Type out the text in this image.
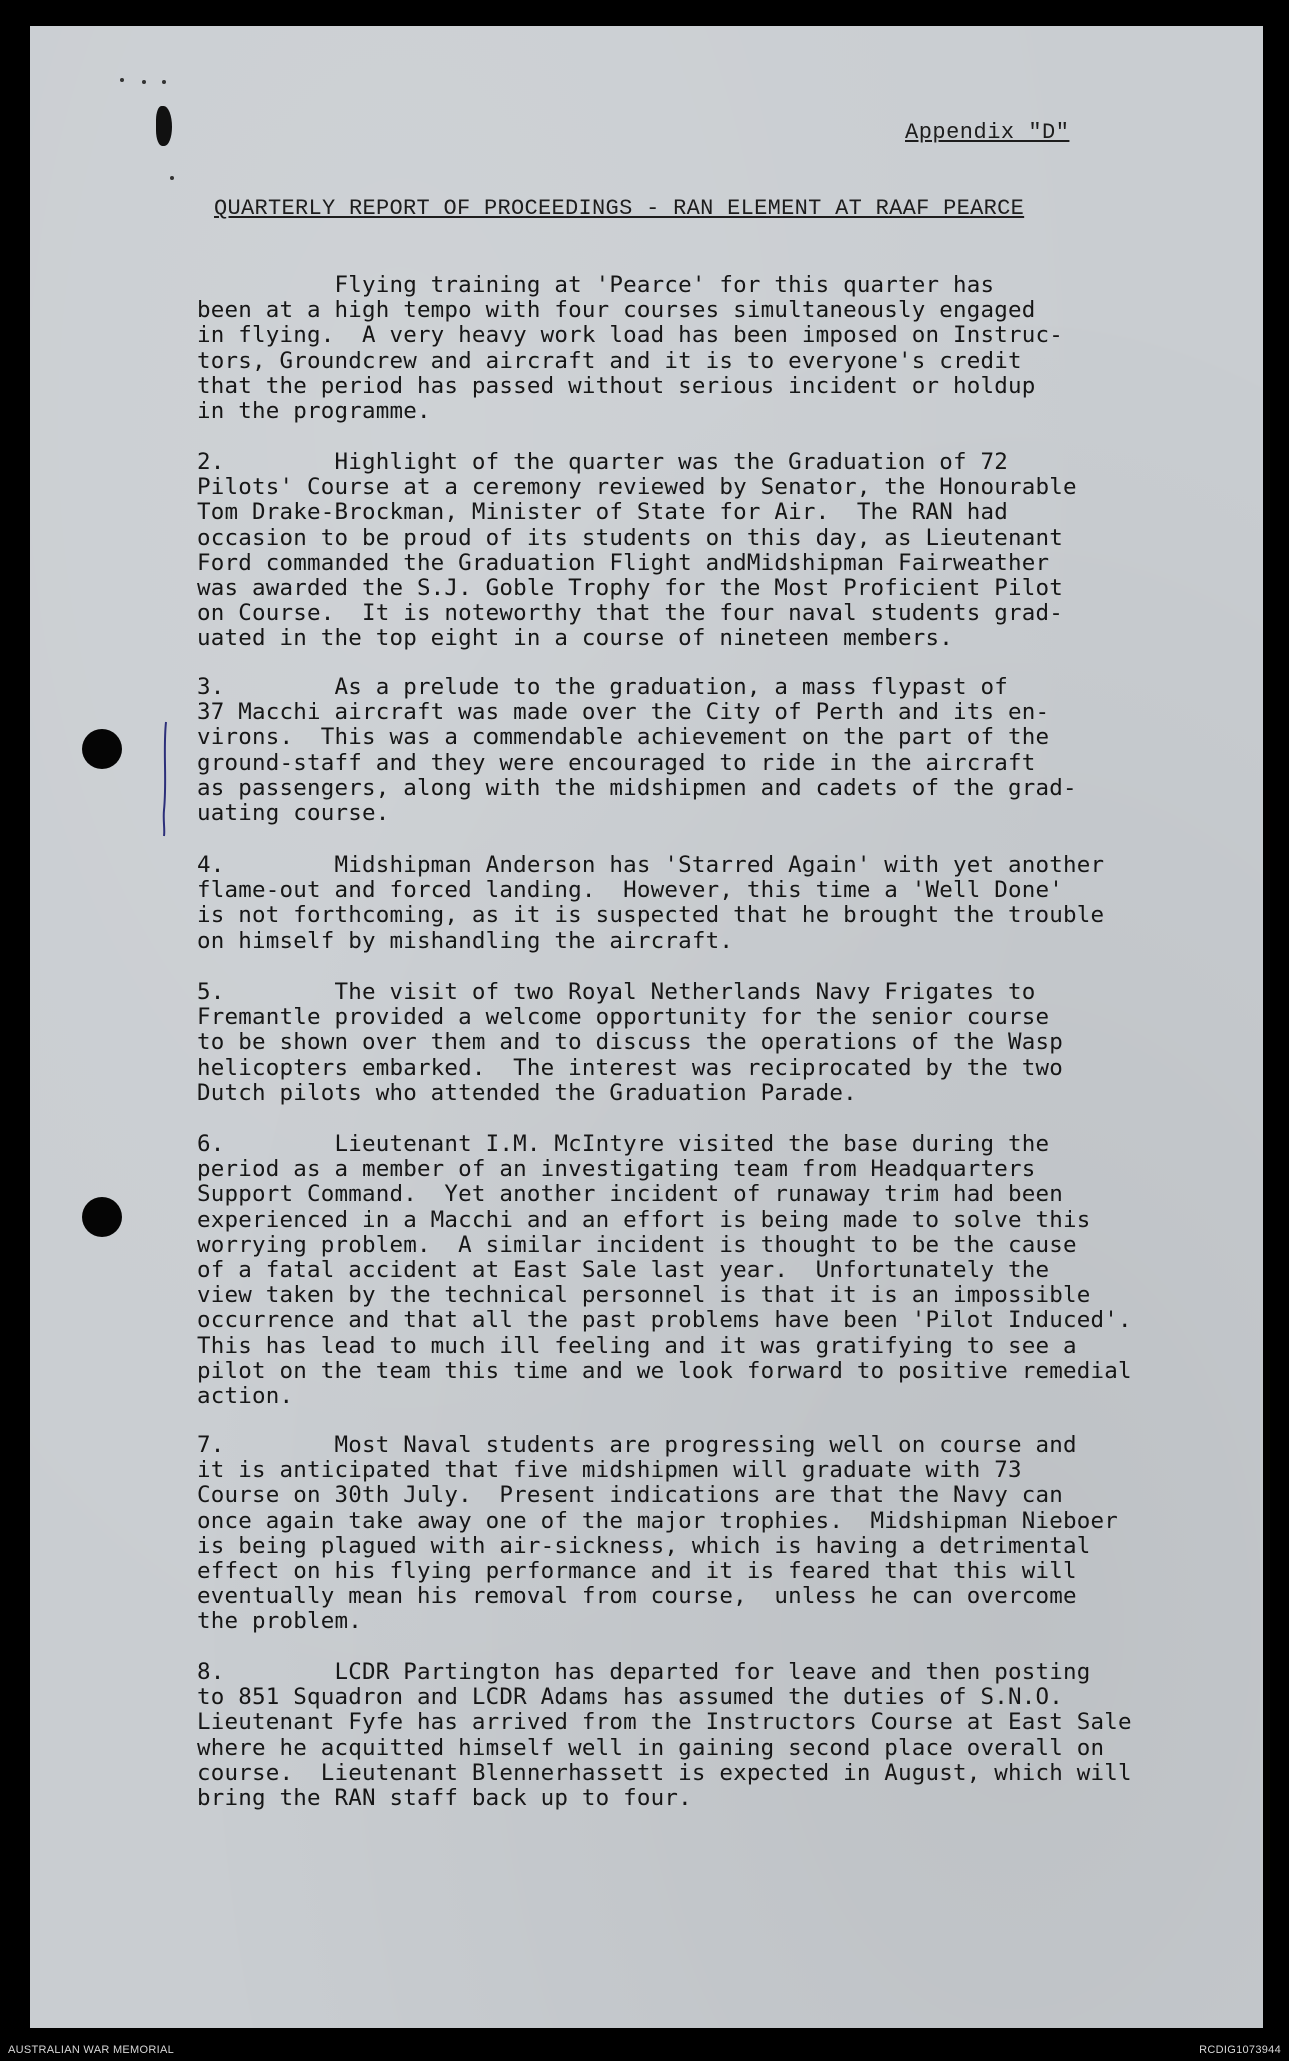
Appendix "D"
QUARTERLY REPORT OF PROCEEDINGS - RAN ELEMENT AT RAAF PEARCE
Flying training at 'Pearce' for this quarter has
been at a high tempo with four courses simultaneously engaged
in flying.  A very heavy work load has been imposed on Instruc-
tors, Groundcrew and aircraft and it is to everyone's credit
that the period has passed without serious incident or holdup
in the programme.
2.        Highlight of the quarter was the Graduation of 72
Pilots' Course at a ceremony reviewed by Senator, the Honourable
Tom Drake-Brockman, Minister of State for Air.  The RAN had
occasion to be proud of its students on this day, as Lieutenant
Ford commanded the Graduation Flight andMidshipman Fairweather
was awarded the S.J. Goble Trophy for the Most Proficient Pilot
on Course.  It is noteworthy that the four naval students grad-
uated in the top eight in a course of nineteen members.
3.        As a prelude to the graduation, a mass flypast of
37 Macchi aircraft was made over the City of Perth and its en-
virons.  This was a commendable achievement on the part of the
ground-staff and they were encouraged to ride in the aircraft
as passengers, along with the midshipmen and cadets of the grad-
uating course.
4.        Midshipman Anderson has 'Starred Again' with yet another
flame-out and forced landing.  However, this time a 'Well Done'
is not forthcoming, as it is suspected that he brought the trouble
on himself by mishandling the aircraft.
5.        The visit of two Royal Netherlands Navy Frigates to
Fremantle provided a welcome opportunity for the senior course
to be shown over them and to discuss the operations of the Wasp
helicopters embarked.  The interest was reciprocated by the two
Dutch pilots who attended the Graduation Parade.
6.        Lieutenant I.M. McIntyre visited the base during the
period as a member of an investigating team from Headquarters
Support Command.  Yet another incident of runaway trim had been
experienced in a Macchi and an effort is being made to solve this
worrying problem.  A similar incident is thought to be the cause
of a fatal accident at East Sale last year.  Unfortunately the
view taken by the technical personnel is that it is an impossible
occurrence and that all the past problems have been 'Pilot Induced'.
This has lead to much ill feeling and it was gratifying to see a
pilot on the team this time and we look forward to positive remedial
action.
7.        Most Naval students are progressing well on course and
it is anticipated that five midshipmen will graduate with 73
Course on 30th July.  Present indications are that the Navy can
once again take away one of the major trophies.  Midshipman Nieboer
is being plagued with air-sickness, which is having a detrimental
effect on his flying performance and it is feared that this will
eventually mean his removal from course,  unless he can overcome
the problem.
8.        LCDR Partington has departed for leave and then posting
to 851 Squadron and LCDR Adams has assumed the duties of S.N.O.
Lieutenant Fyfe has arrived from the Instructors Course at East Sale
where he acquitted himself well in gaining second place overall on
course.  Lieutenant Blennerhassett is expected in August, which will
bring the RAN staff back up to four.
AUSTRALIAN WAR MEMORIAL	RCDIG1073944
